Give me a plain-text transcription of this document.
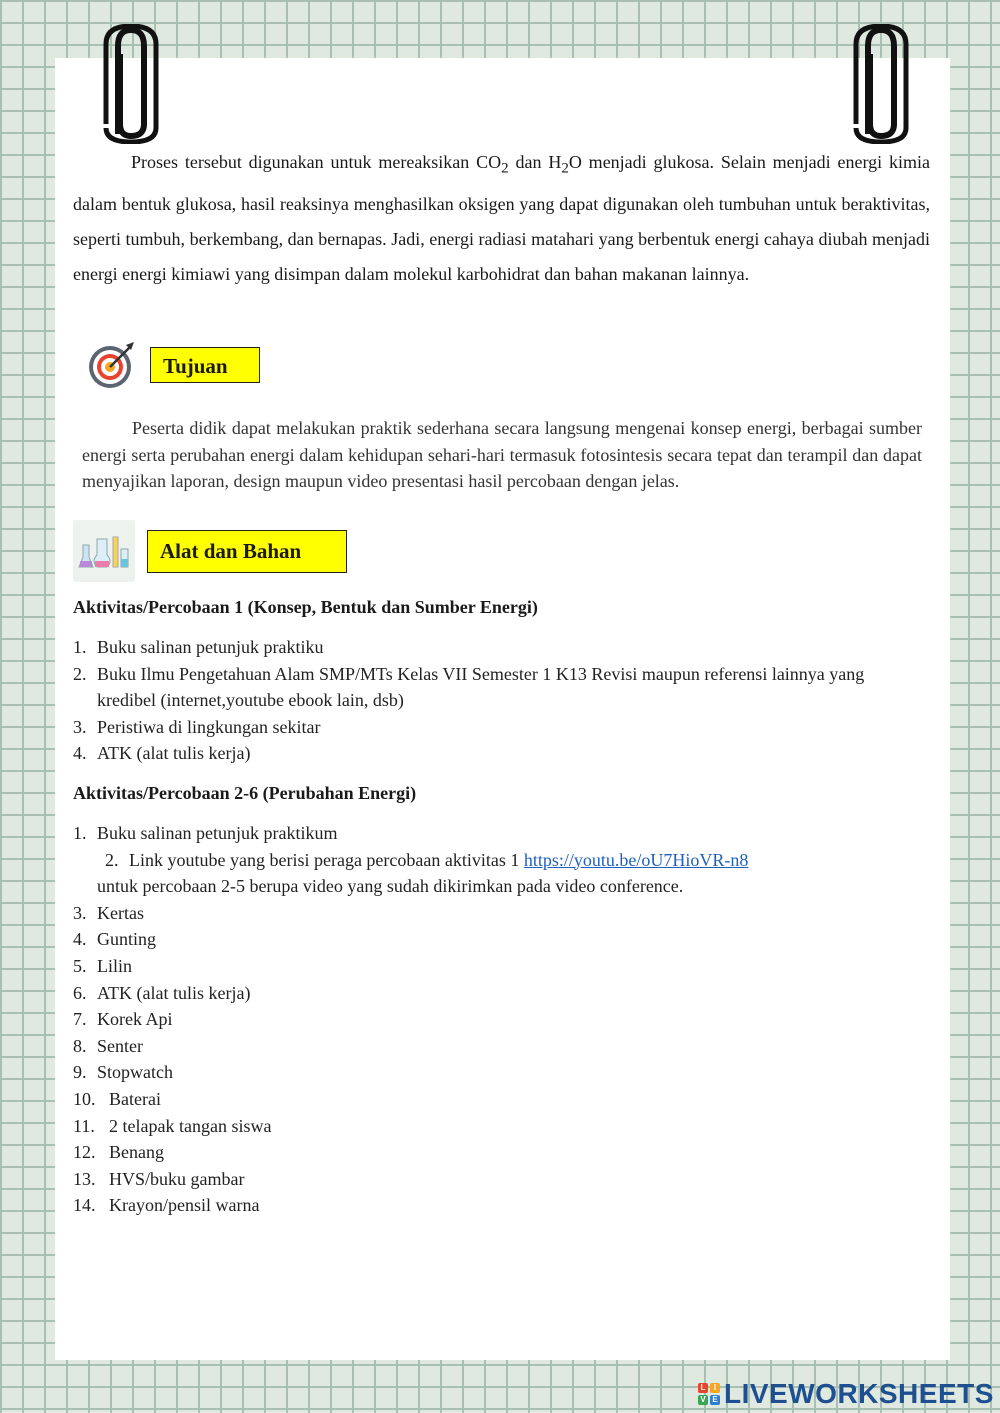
Proses tersebut digunakan untuk mereaksikan $CO_2$ dan $H_2O$ menjadi glukosa. Selain menjadi energi kimia dalam bentuk glukosa, hasil reaksinya menghasilkan oksigen yang dapat digunakan oleh tumbuhan untuk beraktivitas, seperti tumbuh, berkembang, dan bernapas. Jadi, energi radiasi matahari yang berbentuk energi cahaya diubah menjadi energi energi kimiawi yang disimpan dalam molekul karbohidrat dan bahan makanan lainnya.

Tujuan

Peserta didik dapat melakukan praktik sederhana secara langsung mengenai konsep energi, berbagai sumber energi serta perubahan energi dalam kehidupan sehari-hari termasuk fotosintesis secara tepat dan terampil dan dapat menyajikan laporan, design maupun video presentasi hasil percobaan dengan jelas.

Alat dan Bahan
Aktivitas/Percobaan 1 (Konsep, Bentuk dan Sumber Energi)
1. Buku salinan petunjuk praktiku
2. Buku Ilmu Pengetahuan Alam SMP/MTs Kelas VII Semester 1 K13 Revisi maupun referensi lainnya yang kredibel (internet,youtube ebook lain, dsb)
3. Peristiwa di lingkungan sekitar
4. ATK (alat tulis kerja)
Aktivitas/Percobaan 2-6 (Perubahan Energi)
1. Buku salinan petunjuk praktikum
2. Link youtube yang berisi peraga percobaan aktivitas 1 https://youtu.be/oU7HioVR-n8
untuk percobaan 2-5 berupa video yang sudah dikirimkan pada video conference.
3. Kertas
4. Gunting
5. Lilin
6. ATK (alat tulis kerja)
7. Korek Api
8. Senter
9. Stopwatch
10. Baterai
11. 2 telapak tangan siswa
12. Benang
13. HVS/buku gambar
14. Krayon/pensil warna
L	I
V E LIVEWORKSHEETS
